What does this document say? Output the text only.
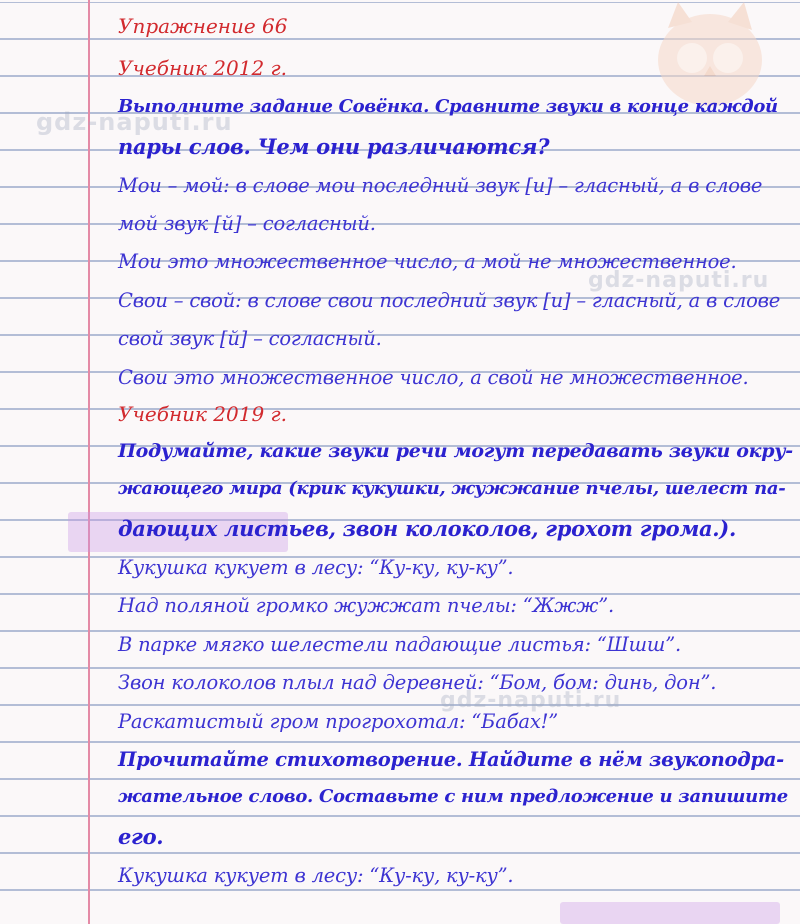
gdz-naputi.ru
gdz-naputi.ru
gdz-naputi.ru
Упражнение 66
Учебник 2012 г.
Выполните задание Совёнка. Сравните звуки в конце каждой
пары слов. Чем они различаются?
Мои – мой: в слове мои последний звук [и] – гласный, а в слове
мой звук [й] – согласный.
Мои это множественное число, а мой не множественное.
Свои – свой: в слове свои последний звук [и] – гласный, а в слове
свой звук [й] – согласный.
Свои это множественное число, а свой не множественное.
Учебник 2019 г.
Подумайте, какие звуки речи могут передавать звуки окру-
жающего мира (крик кукушки, жужжание пчелы, шелест па-
дающих листьев, звон колоколов, грохот грома.).
Кукушка кукует в лесу: “Ку-ку, ку-ку”.
Над поляной громко жужжат пчелы: “Жжж”.
В парке мягко шелестели падающие листья: “Шшш”.
Звон колоколов плыл над деревней: “Бом, бом: динь, дон”.
Раскатистый гром прогрохотал: “Бабах!”
Прочитайте стихотворение. Найдите в нём звукоподра-
жательное слово. Составьте с ним предложение и запишите
его.
Кукушка кукует в лесу: “Ку-ку, ку-ку”.
